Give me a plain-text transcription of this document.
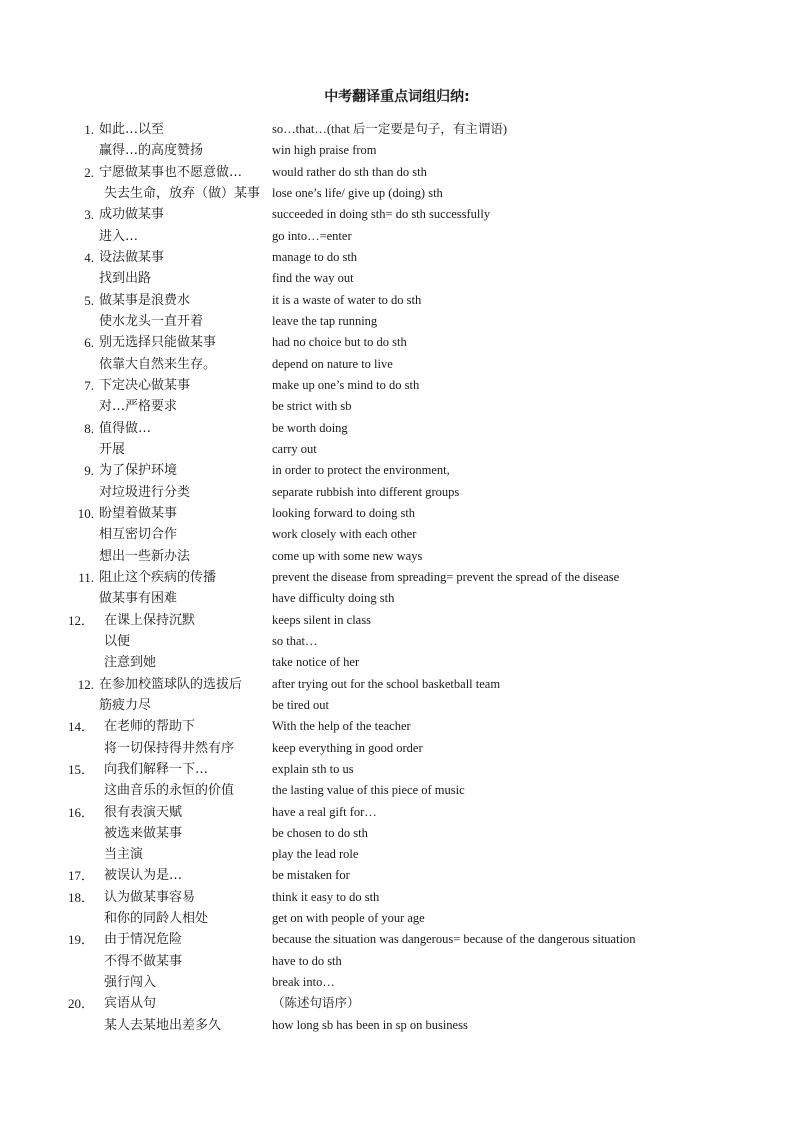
中考翻译重点词组归纳:
1. 如此…以至	so…that…(that 后一定要是句子，有主谓语)
赢得…的高度赞扬	win high praise from
2. 宁愿做某事也不愿意做… would rather do sth than do sth
失去生命，放弃（做）某事 lose one’s life/ give up (doing) sth
3. 成功做某事	succeeded in doing sth= do sth successfully
进入…	go into…=enter
4. 设法做某事	manage to do sth
找到出路	find the way out
5. 做某事是浪费水	it is a waste of water to do sth
使水龙头一直开着	leave the tap running
6. 别无选择只能做某事	had no choice but to do sth
依靠大自然来生存。	depend on nature to live
7. 下定决心做某事	make up one’s mind to do sth
对…严格要求	be strict with sb
8. 值得做…	be worth doing
开展	carry out
9. 为了保护环境	in order to protect the environment,
对垃圾进行分类	separate rubbish into different groups
10. 盼望着做某事	looking forward to doing sth
相互密切合作	work closely with each other
想出一些新办法	come up with some new ways
11. 阻止这个疾病的传播	prevent the disease from spreading= prevent the spread of the disease
做某事有困难	have difficulty doing sth
12． 在课上保持沉默	keeps silent in class
以便	so that…
注意到她	take notice of her
12. 在参加校篮球队的选拔后 after trying out for the school basketball team
筋疲力尽	be tired out
14． 在老师的帮助下	With the help of the teacher
将一切保持得井然有序	keep everything in good order
15． 向我们解释一下…	explain sth to us
这曲音乐的永恒的价值	the lasting value of this piece of music
16． 很有表演天赋	have a real gift for…
被选来做某事	be chosen to do sth
当主演	play the lead role
17． 被误认为是…	be mistaken for
18． 认为做某事容易	think it easy to do sth
和你的同龄人相处	get on with people of your age
19． 由于情况危险	because the situation was dangerous= because of the dangerous situation
不得不做某事	have to do sth
强行闯入	break into…
20． 宾语从句	（陈述句语序）
某人去某地出差多久	how long sb has been in sp on business
